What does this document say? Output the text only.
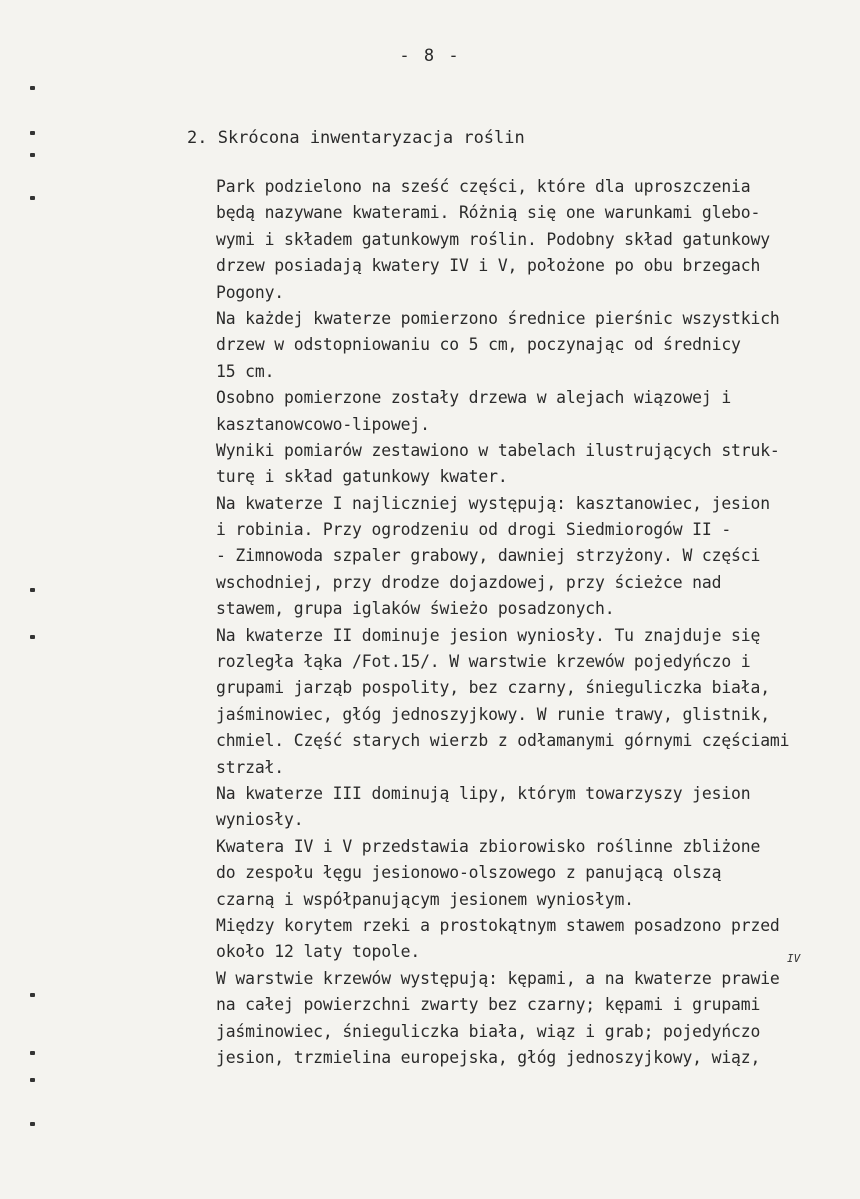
- 8 -
2. Skrócona inwentaryzacja roślin
Park podzielono na sześć części, które dla uproszczenia
będą nazywane kwaterami. Różnią się one warunkami glebo-
wymi i składem gatunkowym roślin. Podobny skład gatunkowy
drzew posiadają kwatery IV i V, położone po obu brzegach
Pogony.
Na każdej kwaterze pomierzono średnice pierśnic wszystkich
drzew w odstopniowaniu co 5 cm, poczynając od średnicy
15 cm.
Osobno pomierzone zostały drzewa w alejach wiązowej i
kasztanowcowo-lipowej.
Wyniki pomiarów zestawiono w tabelach ilustrujących struk-
turę i skład gatunkowy kwater.
Na kwaterze I najliczniej występują: kasztanowiec, jesion
i robinia. Przy ogrodzeniu od drogi Siedmiorogów II -
- Zimnowoda szpaler grabowy, dawniej strzyżony. W części
wschodniej, przy drodze dojazdowej, przy ścieżce nad
stawem, grupa iglaków świeżo posadzonych.
Na kwaterze II dominuje jesion wyniosły. Tu znajduje się
rozległa łąka /Fot.15/. W warstwie krzewów pojedyńczo i
grupami jarząb pospolity, bez czarny, śnieguliczka biała,
jaśminowiec, głóg jednoszyjkowy. W runie trawy, glistnik,
chmiel. Część starych wierzb z odłamanymi górnymi częściami
strzał.
Na kwaterze III dominują lipy, którym towarzyszy jesion
wyniosły.
Kwatera IV i V przedstawia zbiorowisko roślinne zbliżone
do zespołu łęgu jesionowo-olszowego z panującą olszą
czarną i współpanującym jesionem wyniosłym.
Między korytem rzeki a prostokątnym stawem posadzono przed
około 12 laty topole.
W warstwie krzewów występują: kępami, a na kwaterze prawie
na całej powierzchni zwarty bez czarny; kępami i grupami
jaśminowiec, śnieguliczka biała, wiąz i grab; pojedyńczo
jesion, trzmielina europejska, głóg jednoszyjkowy, wiąz,
IV
